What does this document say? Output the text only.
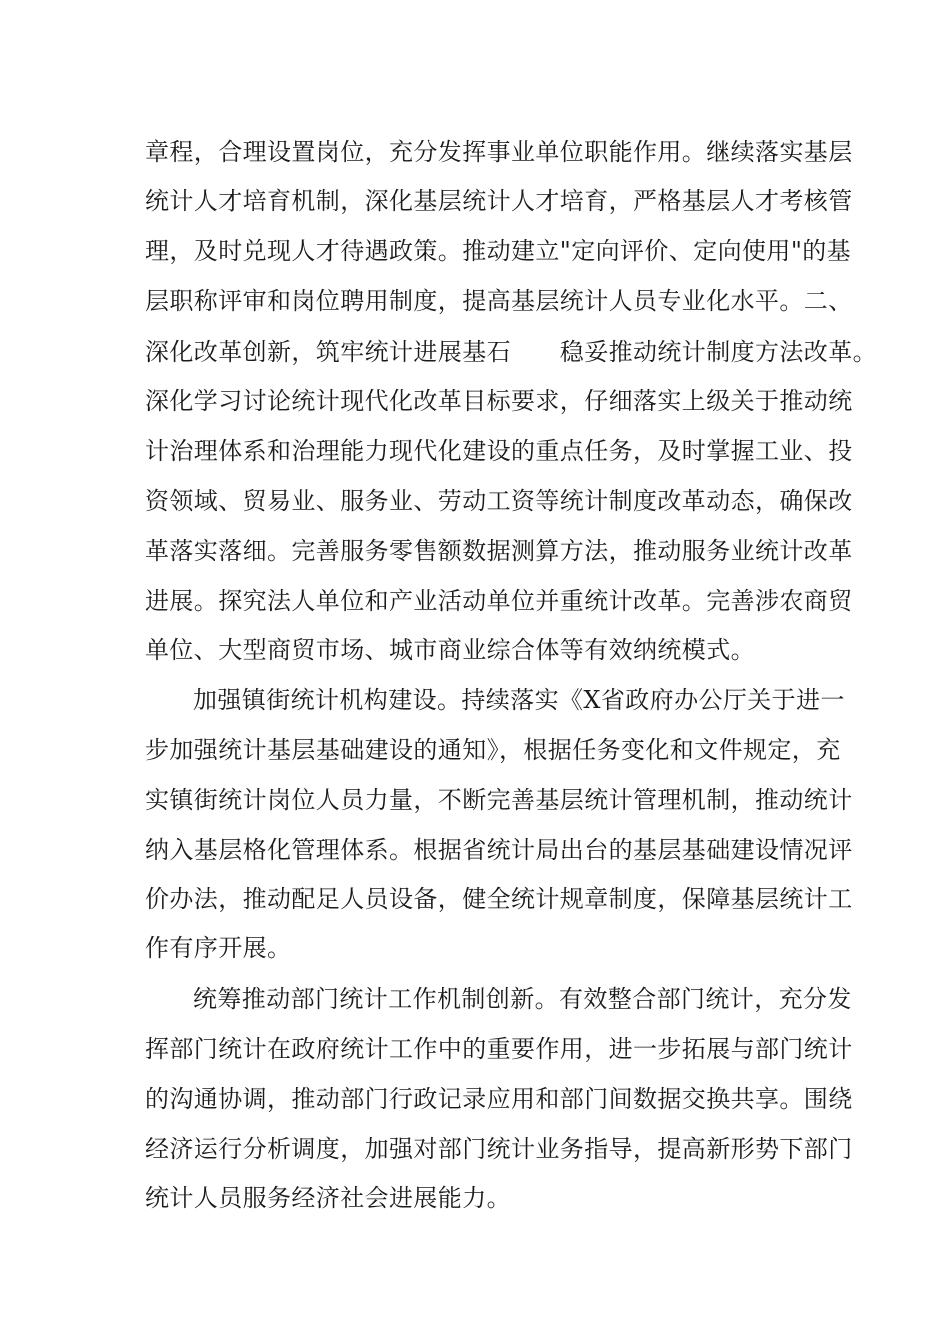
章程，合理设置岗位，充分发挥事业单位职能作用。继续落实基层
统计人才培育机制，深化基层统计人才培育，严格基层人才考核管
理，及时兑现人才待遇政策。推动建立"定向评价、定向使用"的基
层职称评审和岗位聘用制度，提高基层统计人员专业化水平。二、
深化改革创新，筑牢统计进展基石　　稳妥推动统计制度方法改革。
深化学习讨论统计现代化改革目标要求，仔细落实上级关于推动统
计治理体系和治理能力现代化建设的重点任务，及时掌握工业、投
资领域、贸易业、服务业、劳动工资等统计制度改革动态，确保改
革落实落细。完善服务零售额数据测算方法，推动服务业统计改革
进展。探究法人单位和产业活动单位并重统计改革。完善涉农商贸
单位、大型商贸市场、城市商业综合体等有效纳统模式。
加强镇街统计机构建设。持续落实《X省政府办公厅关于进一
步加强统计基层基础建设的通知》，根据任务变化和文件规定，充
实镇街统计岗位人员力量，不断完善基层统计管理机制，推动统计
纳入基层格化管理体系。根据省统计局出台的基层基础建设情况评
价办法，推动配足人员设备，健全统计规章制度，保障基层统计工
作有序开展。
统筹推动部门统计工作机制创新。有效整合部门统计，充分发
挥部门统计在政府统计工作中的重要作用，进一步拓展与部门统计
的沟通协调，推动部门行政记录应用和部门间数据交换共享。围绕
经济运行分析调度，加强对部门统计业务指导，提高新形势下部门
统计人员服务经济社会进展能力。
